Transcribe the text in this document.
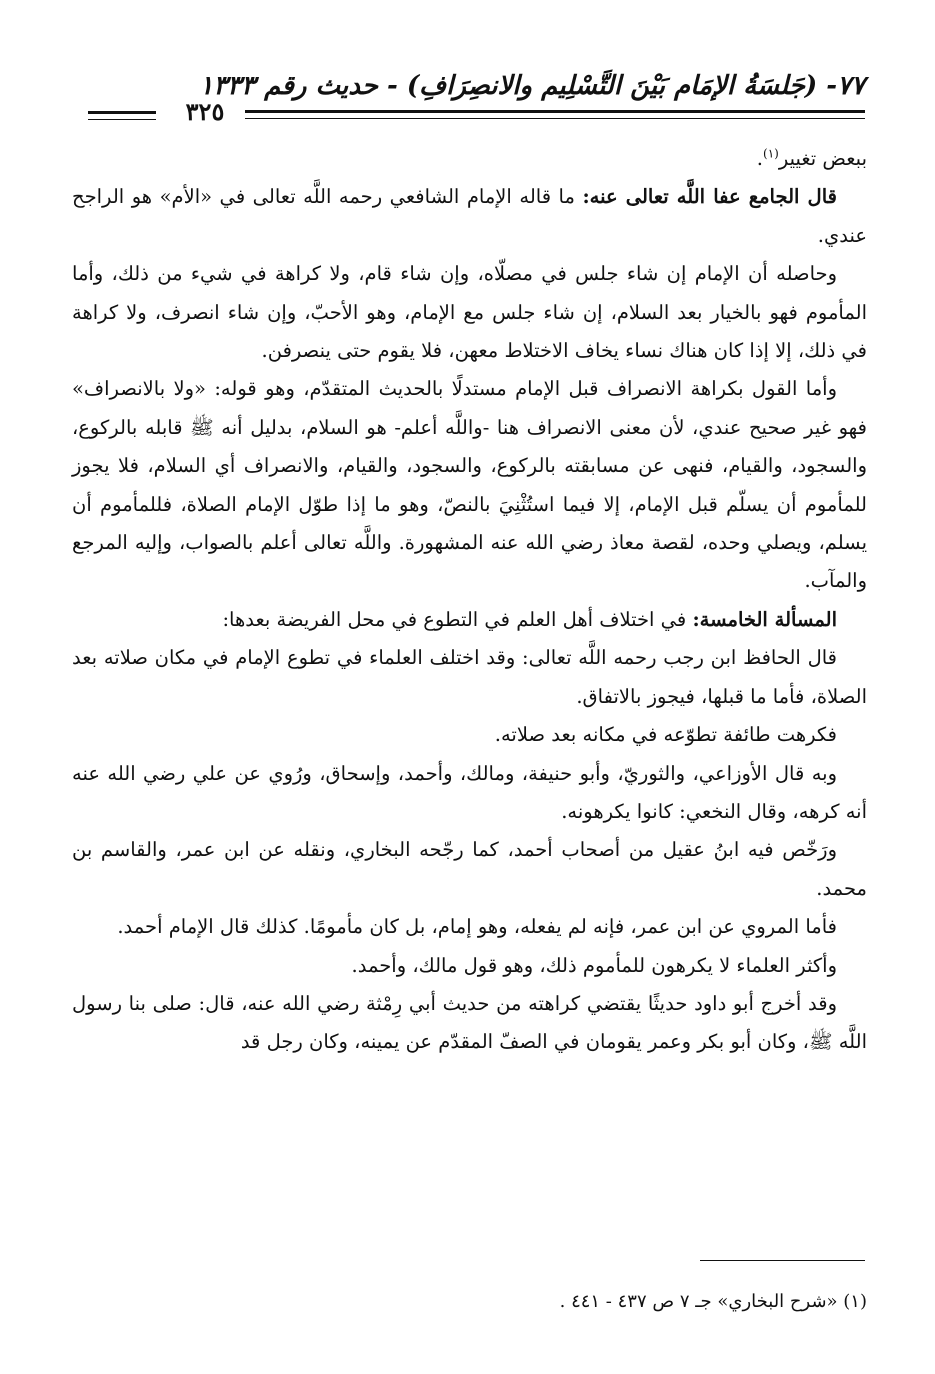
٧٧- (جَلسَةُ الإمَام بَيْنَ التَّسْلِيم والانصِرَافِ) - حديث رقم ١٣٣٣
٣٢٥

ببعض تغيير$^{(١)}$.

قال الجامع عفا اللَّه تعالى عنه: ما قاله الإمام الشافعي رحمه اللَّه تعالى في «الأم» هو الراجح عندي.

وحاصله أن الإمام إن شاء جلس في مصلّاه، وإن شاء قام، ولا كراهة في شيء من ذلك، وأما المأموم فهو بالخيار بعد السلام، إن شاء جلس مع الإمام، وهو الأحبّ، وإن شاء انصرف، ولا كراهة في ذلك، إلا إذا كان هناك نساء يخاف الاختلاط معهن، فلا يقوم حتى ينصرفن.

وأما القول بكراهة الانصراف قبل الإمام مستدلًا بالحديث المتقدّم، وهو قوله: «ولا بالانصراف» فهو غير صحيح عندي، لأن معنى الانصراف هنا -واللَّه أعلم- هو السلام، بدليل أنه ﷺ قابله بالركوع، والسجود، والقيام، فنهى عن مسابقته بالركوع، والسجود، والقيام، والانصراف أي السلام، فلا يجوز للمأموم أن يسلّم قبل الإمام، إلا فيما استُثْنِيَ بالنصّ، وهو ما إذا طوّل الإمام الصلاة، فللمأموم أن يسلم، ويصلي وحده، لقصة معاذ رضي الله عنه المشهورة. واللَّه تعالى أعلم بالصواب، وإليه المرجع والمآب.

المسألة الخامسة: في اختلاف أهل العلم في التطوع في محل الفريضة بعدها:

قال الحافظ ابن رجب رحمه اللَّه تعالى: وقد اختلف العلماء في تطوع الإمام في مكان صلاته بعد الصلاة، فأما ما قبلها، فيجوز بالاتفاق.

فكرهت طائفة تطوّعه في مكانه بعد صلاته.

وبه قال الأوزاعي، والثوريّ، وأبو حنيفة، ومالك، وأحمد، وإسحاق، ورُوي عن علي رضي الله عنه أنه كرهه، وقال النخعي: كانوا يكرهونه.

ورَخّص فيه ابنُ عقيل من أصحاب أحمد، كما رجّحه البخاري، ونقله عن ابن عمر، والقاسم بن محمد.

فأما المروي عن ابن عمر، فإنه لم يفعله، وهو إمام، بل كان مأمومًا. كذلك قال الإمام أحمد.

وأكثر العلماء لا يكرهون للمأموم ذلك، وهو قول مالك، وأحمد.

وقد أخرج أبو داود حديثًا يقتضي كراهته من حديث أبي رِمْثة رضي الله عنه، قال: صلى بنا رسول اللَّه ﷺ، وكان أبو بكر وعمر يقومان في الصفّ المقدّم عن يمينه، وكان رجل قد

(١) «شرح البخاري» جـ ٧ ص ٤٣٧ - ٤٤١ .
